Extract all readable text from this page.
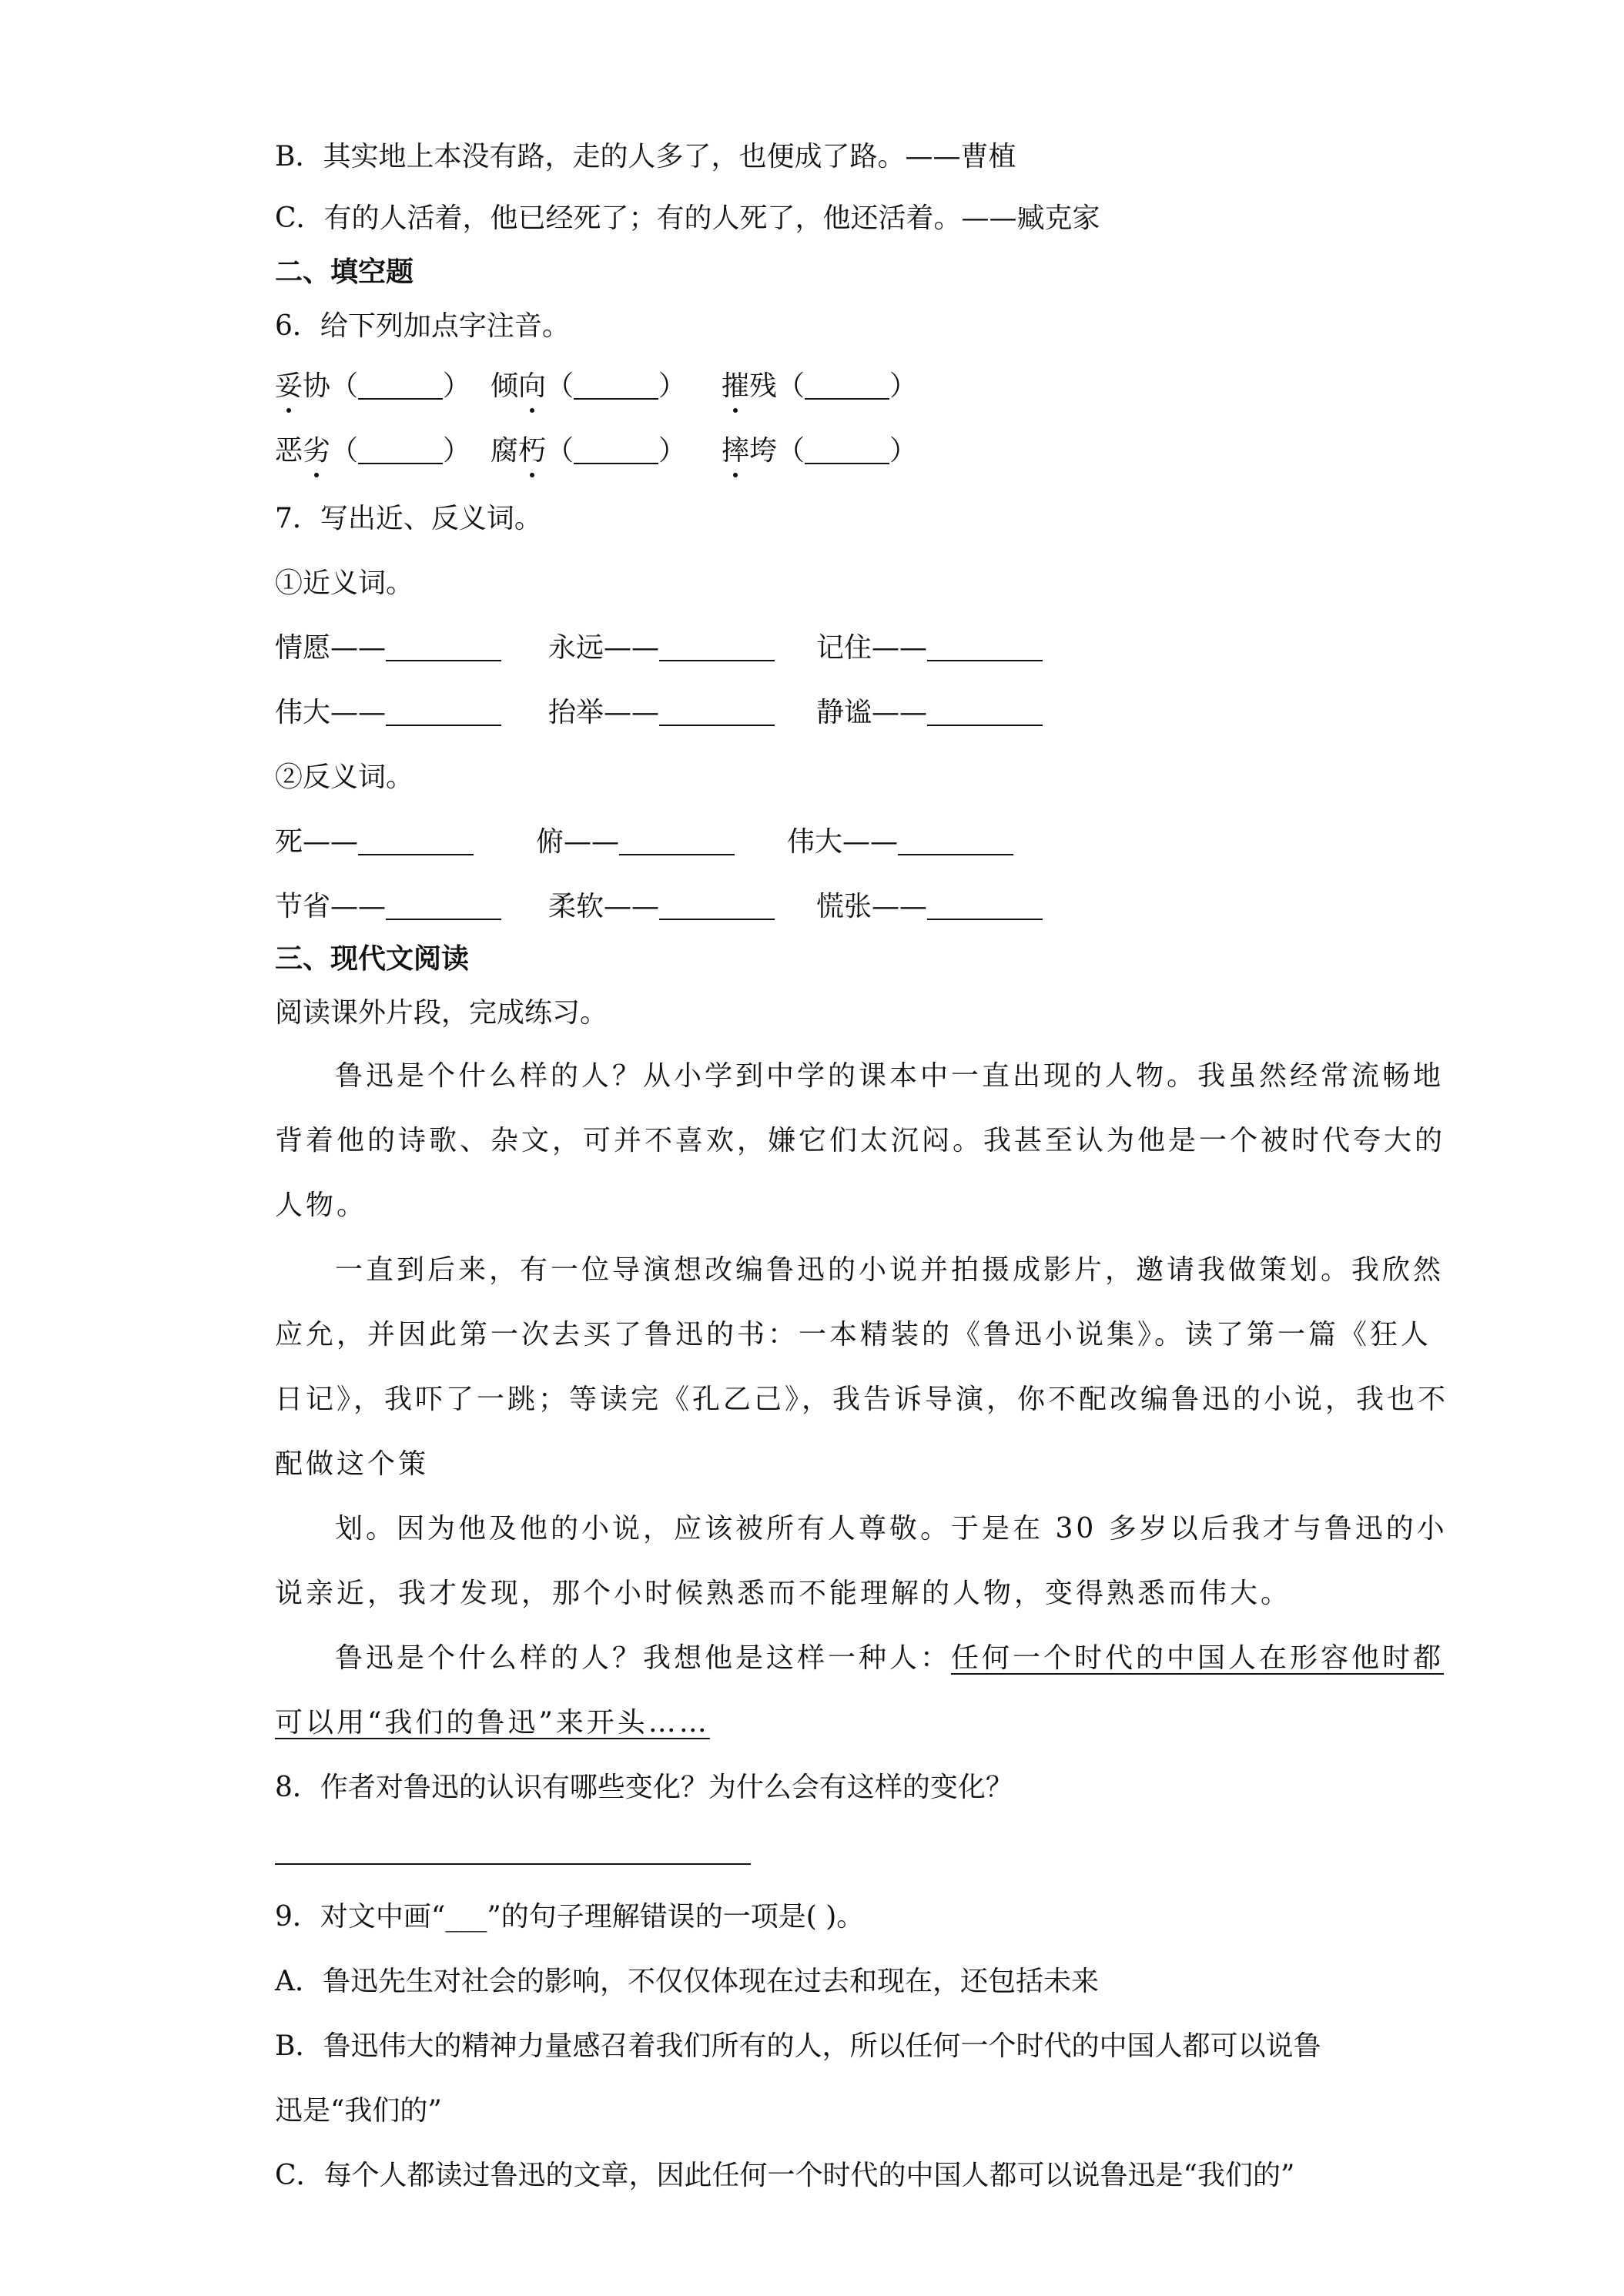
B．其实地上本没有路，走的人多了，也便成了路。——曹植
C．有的人活着，他已经死了；有的人死了，他还活着。——臧克家
二、填空题
6．给下列加点字注音。
妥协（	） 倾向（	） 摧残（	）
恶劣（	） 腐朽（	） 摔垮（	）
7．写出近、反义词。
①近义词。
情愿——	永远——	记住——
伟大——	抬举——	静谧——
②反义词。
死——	俯——	伟大——
节省——	柔软——	慌张——
三、现代文阅读
阅读课外片段，完成练习。
鲁迅是个什么样的人？从小学到中学的课本中一直出现的人物。我虽然经常流畅地
背着他的诗歌、杂文，可并不喜欢，嫌它们太沉闷。我甚至认为他是一个被时代夸大的
人物。
一直到后来，有一位导演想改编鲁迅的小说并拍摄成影片，邀请我做策划。我欣然
应允，并因此第一次去买了鲁迅的书：一本精装的《鲁迅小说集》。读了第一篇《狂人
日记》，我吓了一跳；等读完《孔乙己》，我告诉导演，你不配改编鲁迅的小说，我也不
配做这个策
划。因为他及他的小说，应该被所有人尊敬。于是在 30 多岁以后我才与鲁迅的小
说亲近，我才发现，那个小时候熟悉而不能理解的人物，变得熟悉而伟大。
鲁迅是个什么样的人？我想他是这样一种人：任何一个时代的中国人在形容他时都
可以用“我们的鲁迅”来开头……
8．作者对鲁迅的认识有哪些变化？为什么会有这样的变化？
9．对文中画“___”的句子理解错误的一项是( )。
A．鲁迅先生对社会的影响，不仅仅体现在过去和现在，还包括未来
B．鲁迅伟大的精神力量感召着我们所有的人，所以任何一个时代的中国人都可以说鲁
迅是“我们的”
C．每个人都读过鲁迅的文章，因此任何一个时代的中国人都可以说鲁迅是“我们的”
